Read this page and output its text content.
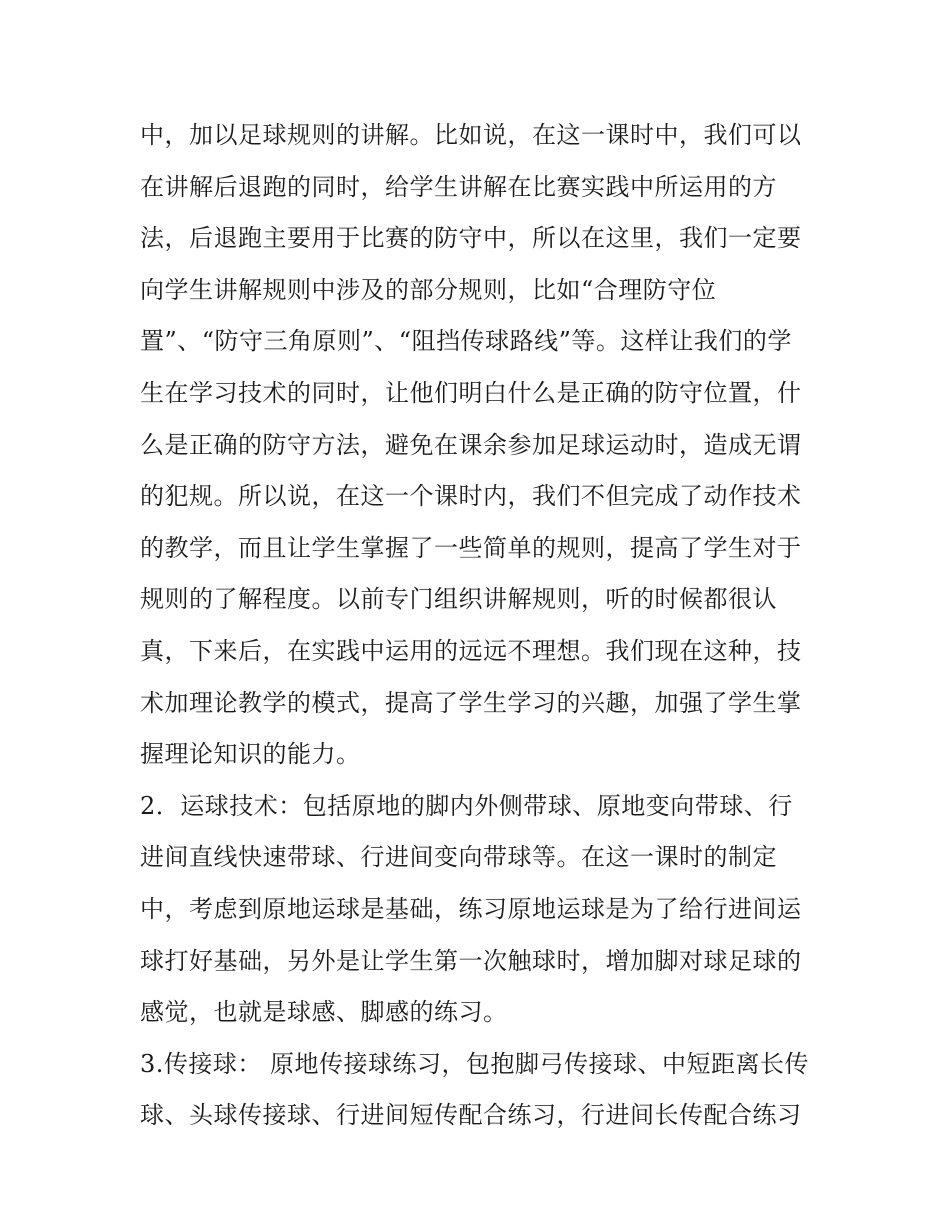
中，加以足球规则的讲解。比如说，在这一课时中，我们可以
在讲解后退跑的同时，给学生讲解在比赛实践中所运用的方
法，后退跑主要用于比赛的防守中，所以在这里，我们一定要
向学生讲解规则中涉及的部分规则，比如“合理防守位
置”、“防守三角原则”、“阻挡传球路线”等。这样让我们的学
生在学习技术的同时，让他们明白什么是正确的防守位置，什
么是正确的防守方法，避免在课余参加足球运动时，造成无谓
的犯规。所以说，在这一个课时内，我们不但完成了动作技术
的教学，而且让学生掌握了一些简单的规则，提高了学生对于
规则的了解程度。以前专门组织讲解规则，听的时候都很认
真，下来后，在实践中运用的远远不理想。我们现在这种，技
术加理论教学的模式，提高了学生学习的兴趣，加强了学生掌
握理论知识的能力。
2．运球技术：包括原地的脚内外侧带球、原地变向带球、行
进间直线快速带球、行进间变向带球等。在这一课时的制定
中，考虑到原地运球是基础，练习原地运球是为了给行进间运
球打好基础，另外是让学生第一次触球时，增加脚对球足球的
感觉，也就是球感、脚感的练习。
3.传接球： 原地传接球练习，包抱脚弓传接球、中短距离长传
球、头球传接球、行进间短传配合练习，行进间长传配合练习
